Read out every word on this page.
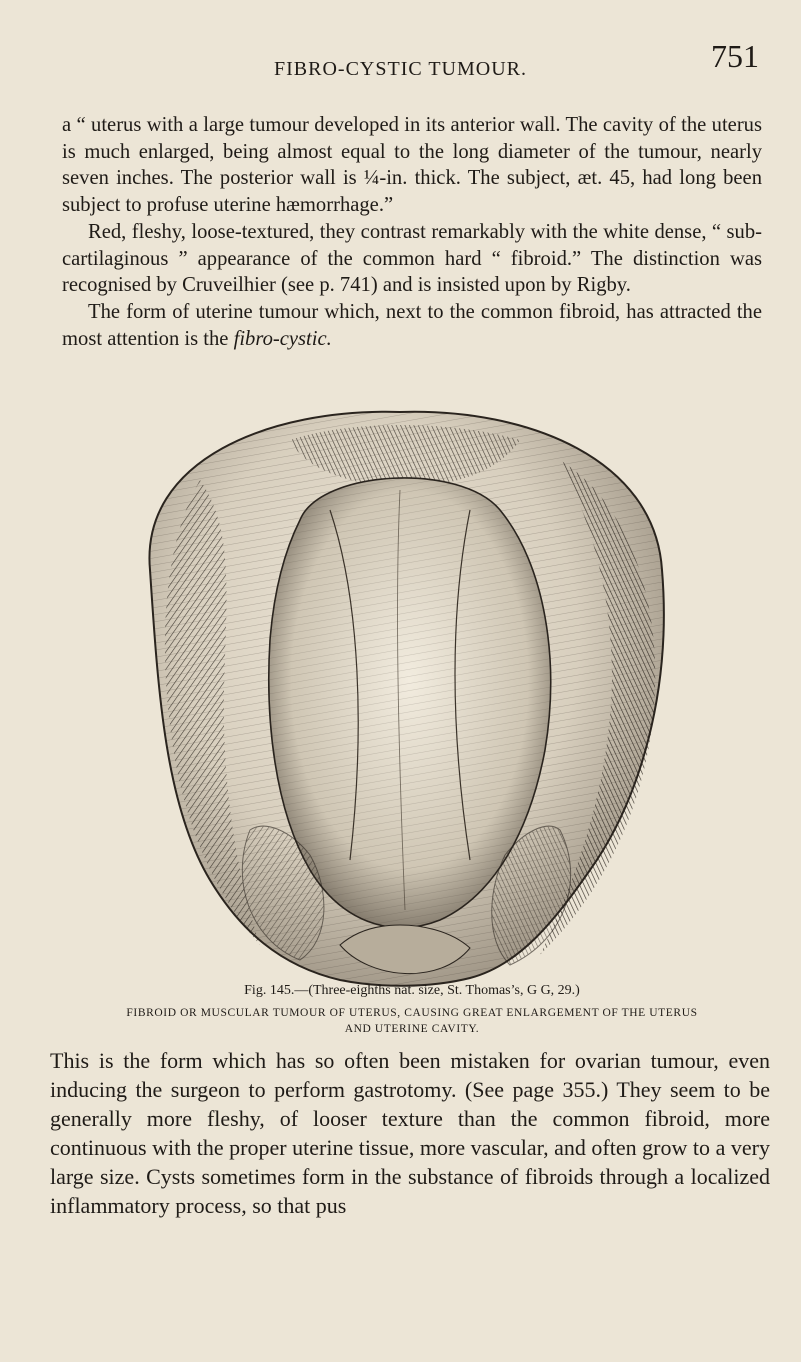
FIBRO-CYSTIC TUMOUR.	751

a “ uterus with a large tumour developed in its anterior wall. The cavity of the uterus is much enlarged, being almost equal to the long diameter of the tumour, nearly seven inches. The posterior wall is ¼-in. thick. The subject, æt. 45, had long been subject to profuse uterine hæmorrhage.”

Red, fleshy, loose-textured, they contrast remarkably with the white dense, “ sub-cartilaginous ” appearance of the common hard “ fibroid.” The distinction was recognised by Cruveilhier (see p. 741) and is insisted upon by Rigby.

The form of uterine tumour which, next to the common fibroid, has attracted the most attention is the fibro-cystic.

Fig. 145.—(Three-eighths nat. size, St. Thomas’s, G G, 29.)
FIBROID OR MUSCULAR TUMOUR OF UTERUS, CAUSING GREAT ENLARGEMENT OF THE UTERUS
AND UTERINE CAVITY.

This is the form which has so often been mistaken for ovarian tumour, even inducing the surgeon to perform gastrotomy. (See page 355.) They seem to be generally more fleshy, of looser texture than the common fibroid, more continuous with the proper uterine tissue, more vascular, and often grow to a very large size. Cysts sometimes form in the substance of fibroids through a localized inflammatory process, so that pus
